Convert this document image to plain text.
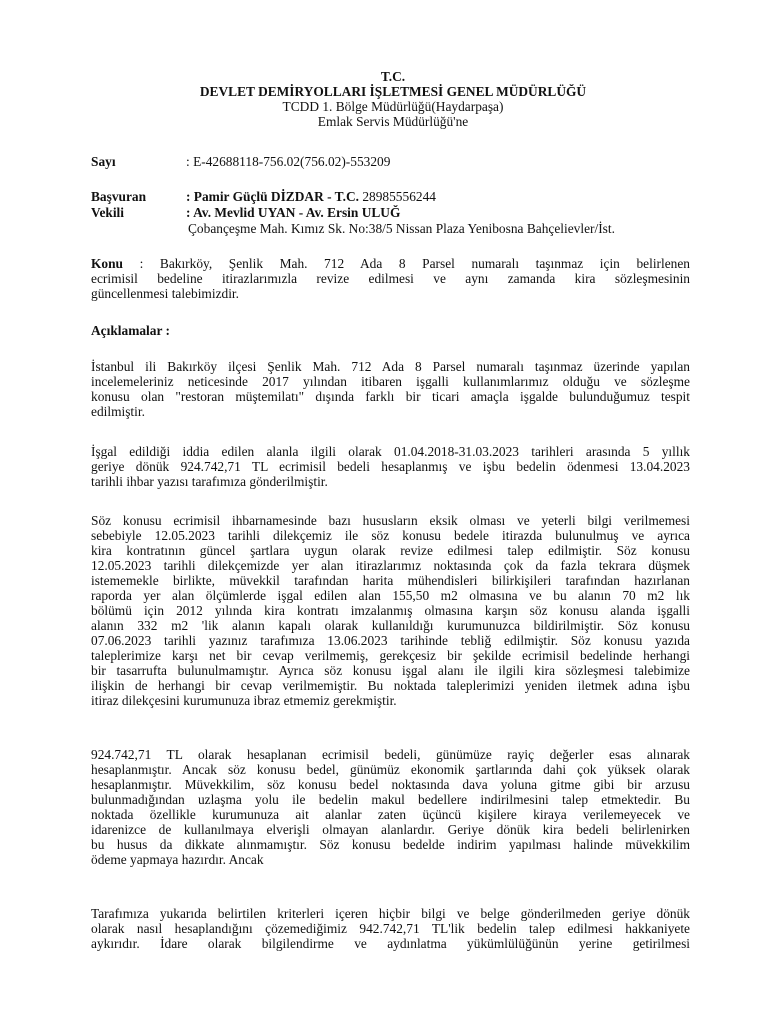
T.C.
DEVLET DEMİRYOLLARI İŞLETMESİ GENEL MÜDÜRLÜĞÜ
TCDD 1. Bölge Müdürlüğü(Haydarpaşa)
Emlak Servis Müdürlüğü'ne
Sayı	: E-42688118-756.02(756.02)-553209
Başvuran	: Pamir Güçlü DİZDAR - T.C. 28985556244
Vekili	: Av. Mevlid UYAN - Av. Ersin ULUĞ
Çobançeşme Mah. Kımız Sk. No:38/5 Nissan Plaza Yenibosna Bahçelievler/İst.
Konu : Bakırköy, Şenlik Mah. 712 Ada 8 Parsel numaralı taşınmaz için belirlenen
ecrimisil bedeline itirazlarımızla revize edilmesi ve aynı zamanda kira sözleşmesinin
güncellenmesi talebimizdir.
Açıklamalar :
İstanbul ili Bakırköy ilçesi Şenlik Mah. 712 Ada 8 Parsel numaralı taşınmaz üzerinde yapılan
incelemeleriniz neticesinde 2017 yılından itibaren işgalli kullanımlarımız olduğu ve sözleşme
konusu olan "restoran müştemilatı" dışında farklı bir ticari amaçla işgalde bulunduğumuz tespit
edilmiştir.
İşgal edildiği iddia edilen alanla ilgili olarak 01.04.2018-31.03.2023 tarihleri arasında 5 yıllık
geriye dönük 924.742,71 TL ecrimisil bedeli hesaplanmış ve işbu bedelin ödenmesi 13.04.2023
tarihli ihbar yazısı tarafımıza gönderilmiştir.
Söz konusu ecrimisil ihbarnamesinde bazı hususların eksik olması ve yeterli bilgi verilmemesi
sebebiyle 12.05.2023 tarihli dilekçemiz ile söz konusu bedele itirazda bulunulmuş ve ayrıca
kira kontratının güncel şartlara uygun olarak revize edilmesi talep edilmiştir. Söz konusu
12.05.2023 tarihli dilekçemizde yer alan itirazlarımız noktasında çok da fazla tekrara düşmek
istememekle birlikte, müvekkil tarafından harita mühendisleri bilirkişileri tarafından hazırlanan
raporda yer alan ölçümlerde işgal edilen alan 155,50 m2 olmasına ve bu alanın 70 m2 lık
bölümü için 2012 yılında kira kontratı imzalanmış olmasına karşın söz konusu alanda işgalli
alanın 332 m2 'lik alanın kapalı olarak kullanıldığı kurumunuzca bildirilmiştir. Söz konusu
07.06.2023 tarihli yazınız tarafımıza 13.06.2023 tarihinde tebliğ edilmiştir. Söz konusu yazıda
taleplerimize karşı net bir cevap verilmemiş, gerekçesiz bir şekilde ecrimisil bedelinde herhangi
bir tasarrufta bulunulmamıştır. Ayrıca söz konusu işgal alanı ile ilgili kira sözleşmesi talebimize
ilişkin de herhangi bir cevap verilmemiştir. Bu noktada taleplerimizi yeniden iletmek adına işbu
itiraz dilekçesini kurumunuza ibraz etmemiz gerekmiştir.
924.742,71 TL olarak hesaplanan ecrimisil bedeli, günümüze rayiç değerler esas alınarak
hesaplanmıştır. Ancak söz konusu bedel, günümüz ekonomik şartlarında dahi çok yüksek olarak
hesaplanmıştır. Müvekkilim, söz konusu bedel noktasında dava yoluna gitme gibi bir arzusu
bulunmadığından uzlaşma yolu ile bedelin makul bedellere indirilmesini talep etmektedir. Bu
noktada özellikle kurumunuza ait alanlar zaten üçüncü kişilere kiraya verilemeyecek ve
idarenizce de kullanılmaya elverişli olmayan alanlardır. Geriye dönük kira bedeli belirlenirken
bu husus da dikkate alınmamıştır. Söz konusu bedelde indirim yapılması halinde müvekkilim
ödeme yapmaya hazırdır. Ancak
Tarafımıza yukarıda belirtilen kriterleri içeren hiçbir bilgi ve belge gönderilmeden geriye dönük
olarak nasıl hesaplandığını çözemediğimiz 942.742,71 TL'lik bedelin talep edilmesi hakkaniyete
aykırıdır. İdare olarak bilgilendirme ve aydınlatma yükümlülüğünün yerine getirilmesi
